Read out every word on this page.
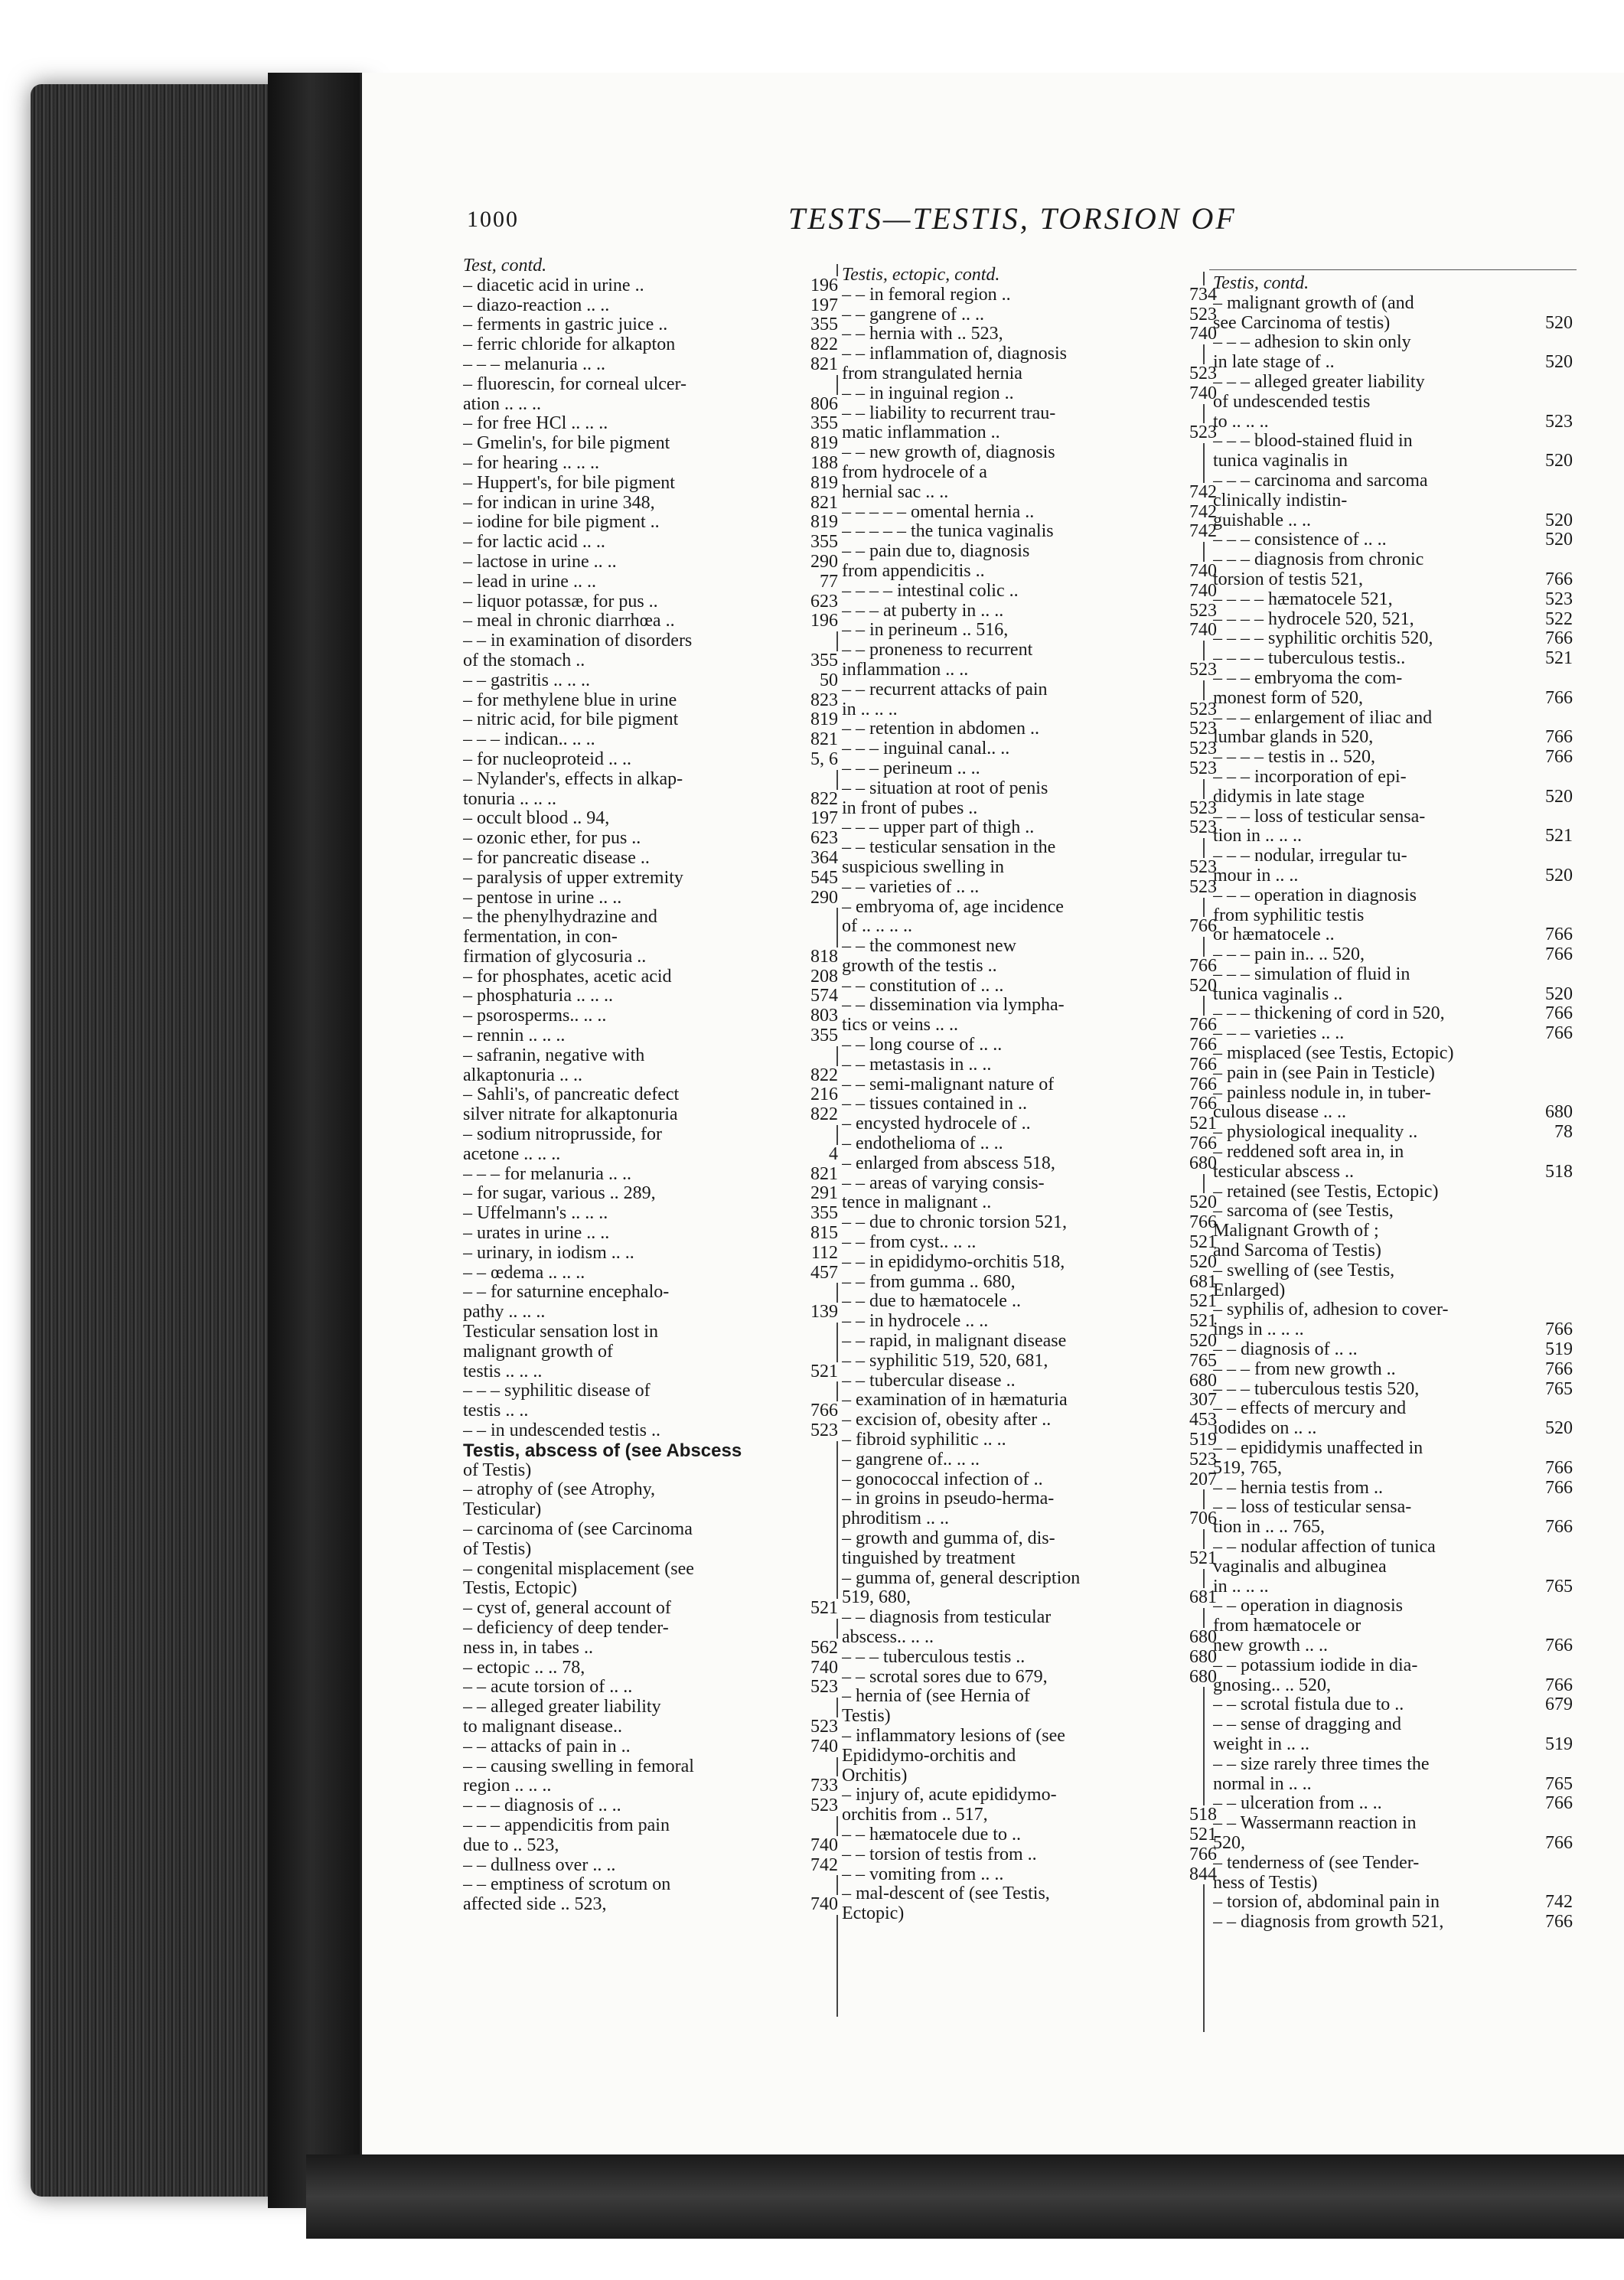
1000	TESTS—TESTIS, TORSION OF
Test, contd.
– diacetic acid in urine ..	196
– diazo-reaction .. ..	197
– ferments in gastric juice ..	355
– ferric chloride for alkapton	822
– – – melanuria .. ..	821
– fluorescin, for corneal ulcer-
ation .. .. ..	806
– for free HCl .. .. ..	355
– Gmelin's, for bile pigment	819
– for hearing .. .. ..	188
– Huppert's, for bile pigment	819
– for indican in urine 348,	821
– iodine for bile pigment ..	819
– for lactic acid .. ..	355
– lactose in urine .. ..	290
– lead in urine .. ..	77
– liquor potassæ, for pus ..	623
– meal in chronic diarrhœa ..	196
– – in examination of disorders
of the stomach ..	355
– – gastritis .. .. ..	50
– for methylene blue in urine	823
– nitric acid, for bile pigment	819
– – – indican.. .. ..	821
– for nucleoproteid .. ..	5, 6
– Nylander's, effects in alkap-
tonuria .. .. ..	822
– occult blood .. 94,	197
– ozonic ether, for pus ..	623
– for pancreatic disease ..	364
– paralysis of upper extremity	545
– pentose in urine .. ..	290
– the phenylhydrazine and
fermentation, in con-
firmation of glycosuria ..	818
– for phosphates, acetic acid	208
– phosphaturia .. .. ..	574
– psorosperms.. .. ..	803
– rennin .. .. ..	355
– safranin, negative with
alkaptonuria .. ..	822
– Sahli's, of pancreatic defect	216
silver nitrate for alkaptonuria	822
– sodium nitroprusside, for
acetone .. .. ..	4
– – – for melanuria .. ..	821
– for sugar, various .. 289,	291
– Uffelmann's .. .. ..	355
– urates in urine .. ..	815
– urinary, in iodism .. ..	112
– – œdema .. .. ..	457
– – for saturnine encephalo-
pathy .. .. ..	139
Testicular sensation lost in
malignant growth of
testis .. .. ..	521
– – – syphilitic disease of
testis .. ..	766
– – in undescended testis ..	523
Testis, abscess of (see Abscess
of Testis)
– atrophy of (see Atrophy,
Testicular)
– carcinoma of (see Carcinoma
of Testis)
– congenital misplacement (see
Testis, Ectopic)
– cyst of, general account of	521
– deficiency of deep tender-
ness in, in tabes ..	562
– ectopic .. .. 78,	740
– – acute torsion of .. ..	523
– – alleged greater liability
to malignant disease..	523
– – attacks of pain in ..	740
– – causing swelling in femoral
region .. .. ..	733
– – – diagnosis of .. ..	523
– – – appendicitis from pain
due to .. 523,	740
– – dullness over .. ..	742
– – emptiness of scrotum on
affected side .. 523,	740
Testis, ectopic, contd.
– – in femoral region ..	734
– – gangrene of .. ..	523
– – hernia with .. 523,	740
– – inflammation of, diagnosis
from strangulated hernia	523
– – in inguinal region ..	740
– – liability to recurrent trau-
matic inflammation ..	523
– – new growth of, diagnosis
from hydrocele of a
hernial sac .. ..	742
– – – – – omental hernia ..	742
– – – – – the tunica vaginalis	742
– – pain due to, diagnosis
from appendicitis ..	740
– – – – intestinal colic ..	740
– – – at puberty in .. ..	523
– – in perineum .. 516,	740
– – proneness to recurrent
inflammation .. ..	523
– – recurrent attacks of pain
in .. .. ..	523
– – retention in abdomen ..	523
– – – inguinal canal.. ..	523
– – – perineum .. ..	523
– – situation at root of penis
in front of pubes ..	523
– – – upper part of thigh ..	523
– – testicular sensation in the
suspicious swelling in	523
– – varieties of .. ..	523
– embryoma of, age incidence
of .. .. .. ..	766
– – the commonest new
growth of the testis ..	766
– – constitution of .. ..	520
– – dissemination via lympha-
tics or veins .. ..	766
– – long course of .. ..	766
– – metastasis in .. ..	766
– – semi-malignant nature of	766
– – tissues contained in ..	766
– encysted hydrocele of ..	521
– endothelioma of .. ..	766
– enlarged from abscess 518,	680
– – areas of varying consis-
tence in malignant ..	520
– – due to chronic torsion 521,	766
– – from cyst.. .. ..	521
– – in epididymo-orchitis 518,	520
– – from gumma .. 680,	681
– – due to hæmatocele ..	521
– – in hydrocele .. ..	521
– – rapid, in malignant disease	520
– – syphilitic 519, 520, 681,	765
– – tubercular disease ..	680
– examination of in hæmaturia	307
– excision of, obesity after ..	453
– fibroid syphilitic .. ..	519
– gangrene of.. .. ..	523
– gonococcal infection of ..	207
– in groins in pseudo-herma-
phroditism .. ..	706
– growth and gumma of, dis-
tinguished by treatment	521
– gumma of, general description
519, 680,	681
– – diagnosis from testicular
abscess.. .. ..	680
– – – tuberculous testis ..	680
– – scrotal sores due to 679,	680
– hernia of (see Hernia of
Testis)
– inflammatory lesions of (see
Epididymo-orchitis and
Orchitis)
– injury of, acute epididymo-
orchitis from .. 517,	518
– – hæmatocele due to ..	521
– – torsion of testis from ..	766
– – vomiting from .. ..	844
– mal-descent of (see Testis,
Ectopic)
Testis, contd.
– malignant growth of (and
see Carcinoma of testis)	520
– – – adhesion to skin only
in late stage of ..	520
– – – alleged greater liability
of undescended testis
to .. .. ..	523
– – – blood-stained fluid in
tunica vaginalis in	520
– – – carcinoma and sarcoma
clinically indistin-
guishable .. ..	520
– – – consistence of .. ..	520
– – – diagnosis from chronic
torsion of testis 521,	766
– – – – hæmatocele 521,	523
– – – – hydrocele 520, 521,	522
– – – – syphilitic orchitis 520,	766
– – – – tuberculous testis..	521
– – – embryoma the com-
monest form of 520,	766
– – – enlargement of iliac and
lumbar glands in 520,	766
– – – – testis in .. 520,	766
– – – incorporation of epi-
didymis in late stage	520
– – – loss of testicular sensa-
tion in .. .. ..	521
– – – nodular, irregular tu-
mour in .. ..	520
– – – operation in diagnosis
from syphilitic testis
or hæmatocele ..	766
– – – pain in.. .. 520,	766
– – – simulation of fluid in
tunica vaginalis ..	520
– – – thickening of cord in 520,	766
– – – varieties .. ..	766
– misplaced (see Testis, Ectopic)
– pain in (see Pain in Testicle)
– painless nodule in, in tuber-
culous disease .. ..	680
– physiological inequality ..	78
– reddened soft area in, in
testicular abscess ..	518
– retained (see Testis, Ectopic)
– sarcoma of (see Testis,
Malignant Growth of ;
and Sarcoma of Testis)
– swelling of (see Testis,
Enlarged)
– syphilis of, adhesion to cover-
ings in .. .. ..	766
– – diagnosis of .. ..	519
– – – from new growth ..	766
– – – tuberculous testis 520,	765
– – effects of mercury and
iodides on .. ..	520
– – epididymis unaffected in
519, 765,	766
– – hernia testis from ..	766
– – loss of testicular sensa-
tion in .. .. 765,	766
– – nodular affection of tunica
vaginalis and albuginea
in .. .. ..	765
– – operation in diagnosis
from hæmatocele or
new growth .. ..	766
– – potassium iodide in dia-
gnosing.. .. 520,	766
– – scrotal fistula due to ..	679
– – sense of dragging and
weight in .. ..	519
– – size rarely three times the
normal in .. ..	765
– – ulceration from .. ..	766
– – Wassermann reaction in
520,	766
– tenderness of (see Tender-
ness of Testis)
– torsion of, abdominal pain in	742
– – diagnosis from growth 521,	766
